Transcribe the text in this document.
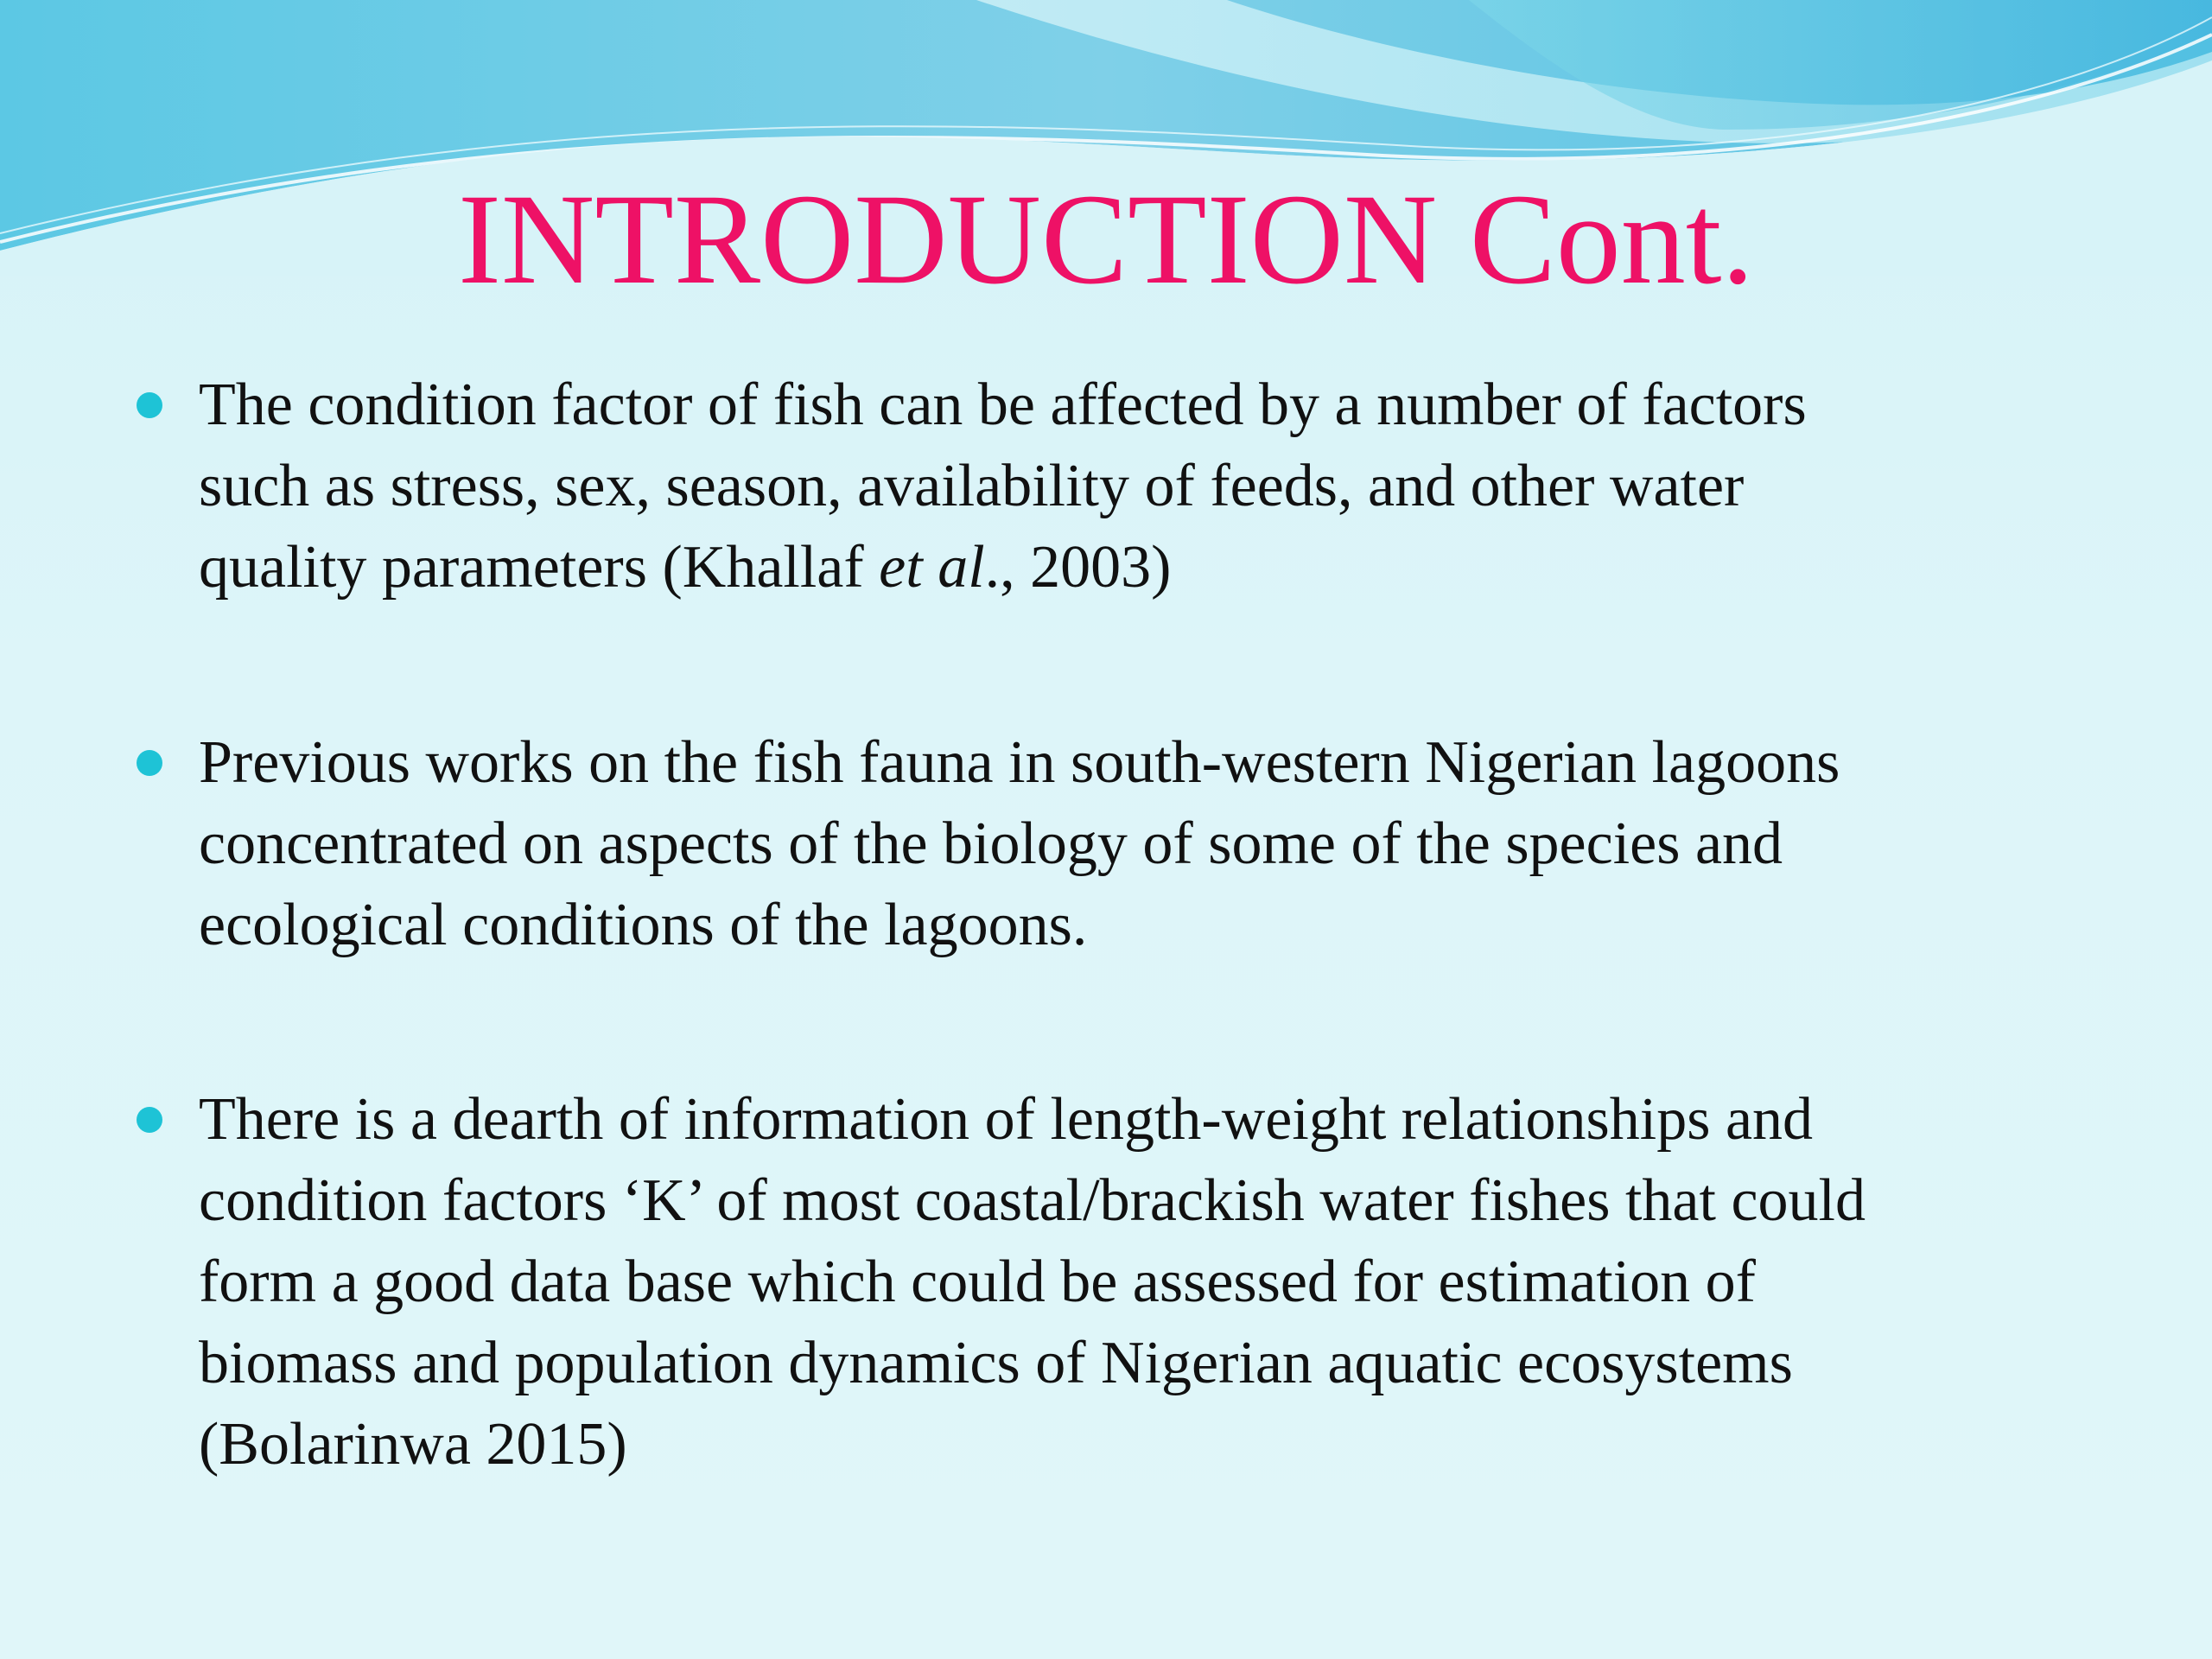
INTRODUCTION Cont.
The condition factor of fish can be affected by a number of factors
such as stress, sex, season, availability of feeds, and other water
quality parameters (Khallaf et al., 2003)
Previous works on the fish fauna in south-western Nigerian lagoons
concentrated on aspects of the biology of some of the species and
ecological conditions of the lagoons.
There is a dearth of information of length-weight relationships and
condition factors ‘K’ of most coastal/brackish water fishes that could
form a good data base which could be assessed for estimation of
biomass and population dynamics of Nigerian aquatic ecosystems
(Bolarinwa 2015)
